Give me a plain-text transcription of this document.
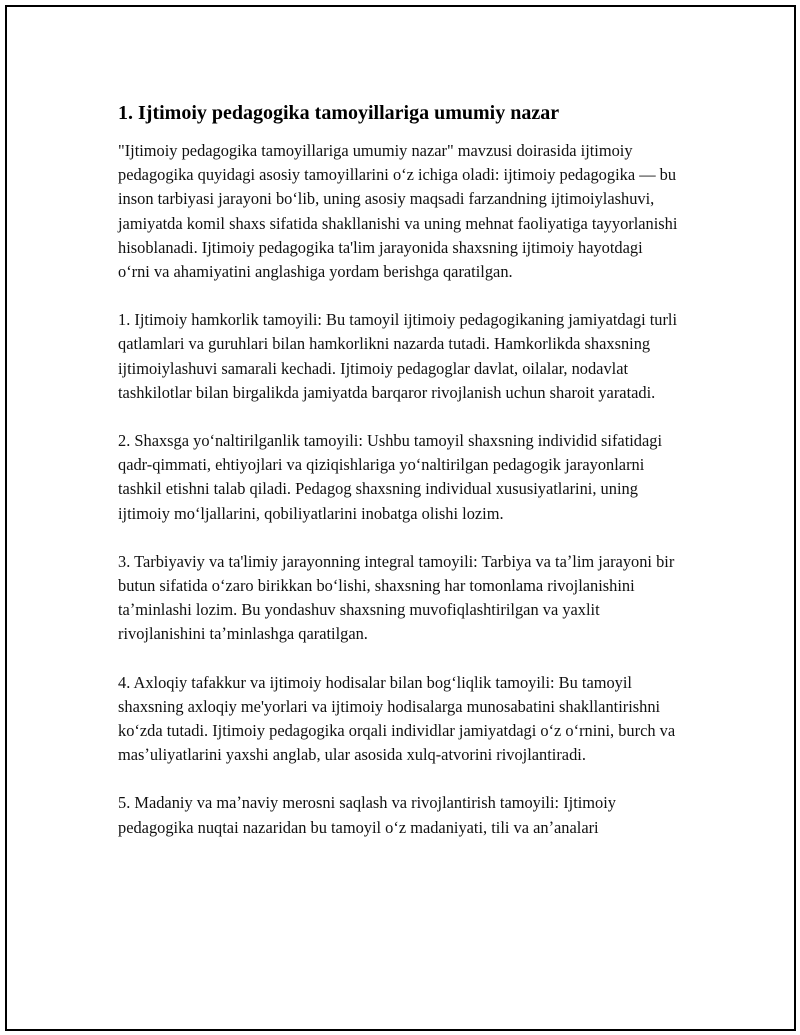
1. Ijtimoiy pedagogika tamoyillariga umumiy nazar

"Ijtimoiy pedagogika tamoyillariga umumiy nazar" mavzusi doirasida ijtimoiy pedagogika quyidagi asosiy tamoyillarini oʻz ichiga oladi: ijtimoiy pedagogika — bu inson tarbiyasi jarayoni boʻlib, uning asosiy maqsadi farzandning ijtimoiylashuvi, jamiyatda komil shaxs sifatida shakllanishi va uning mehnat faoliyatiga tayyorlanishi hisoblanadi. Ijtimoiy pedagogika ta'lim jarayonida shaxsning ijtimoiy hayotdagi oʻrni va ahamiyatini anglashiga yordam berishga qaratilgan.

1. Ijtimoiy hamkorlik tamoyili: Bu tamoyil ijtimoiy pedagogikaning jamiyatdagi turli qatlamlari va guruhlari bilan hamkorlikni nazarda tutadi. Hamkorlikda shaxsning ijtimoiylashuvi samarali kechadi. Ijtimoiy pedagoglar davlat, oilalar, nodavlat tashkilotlar bilan birgalikda jamiyatda barqaror rivojlanish uchun sharoit yaratadi.

2. Shaxsga yoʻnaltirilganlik tamoyili: Ushbu tamoyil shaxsning individid sifatidagi qadr-qimmati, ehtiyojlari va qiziqishlariga yoʻnaltirilgan pedagogik jarayonlarni tashkil etishni talab qiladi. Pedagog shaxsning individual xususiyatlarini, uning ijtimoiy moʻljallarini, qobiliyatlarini inobatga olishi lozim.

3. Tarbiyaviy va ta'limiy jarayonning integral tamoyili: Tarbiya va taʼlim jarayoni bir butun sifatida oʻzaro birikkan boʻlishi, shaxsning har tomonlama rivojlanishini taʼminlashi lozim. Bu yondashuv shaxsning muvofiqlashtirilgan va yaxlit rivojlanishini taʼminlashga qaratilgan.

4. Axloqiy tafakkur va ijtimoiy hodisalar bilan bogʻliqlik tamoyili: Bu tamoyil shaxsning axloqiy me'yorlari va ijtimoiy hodisalarga munosabatini shakllantirishni koʻzda tutadi. Ijtimoiy pedagogika orqali individlar jamiyatdagi oʻz oʻrnini, burch va masʼuliyatlarini yaxshi anglab, ular asosida xulq-atvorini rivojlantiradi.

5. Madaniy va maʼnaviy merosni saqlash va rivojlantirish tamoyili: Ijtimoiy pedagogika nuqtai nazaridan bu tamoyil oʻz madaniyati, tili va anʼanalari
